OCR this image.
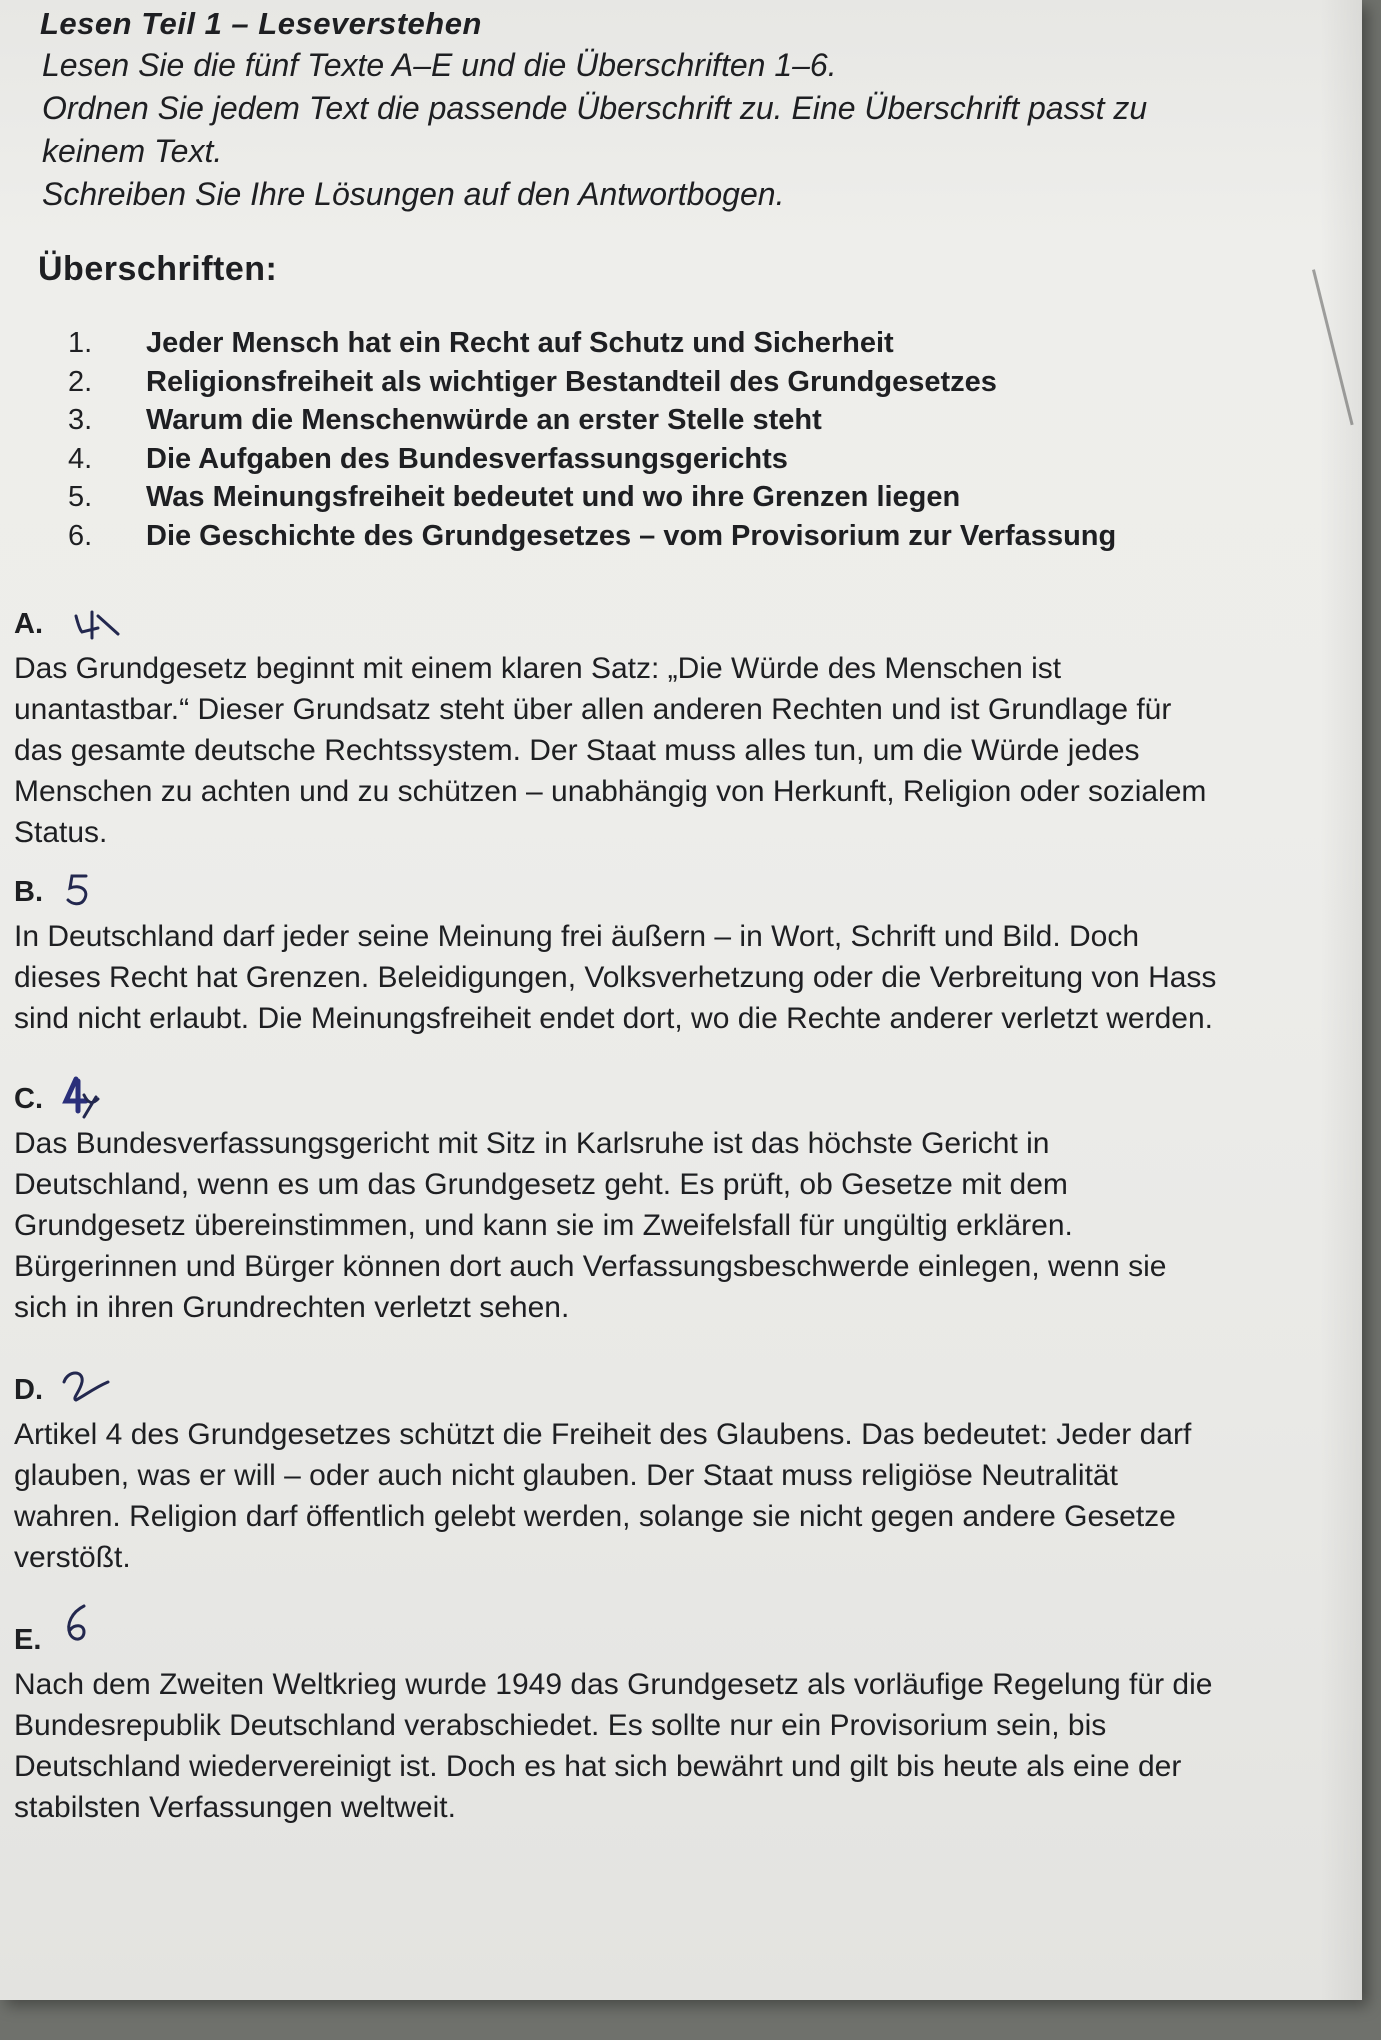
Lesen Teil 1 – Leseverstehen
Lesen Sie die fünf Texte A–E und die Überschriften 1–6.
Ordnen Sie jedem Text die passende Überschrift zu. Eine Überschrift passt zu
keinem Text.
Schreiben Sie Ihre Lösungen auf den Antwortbogen.
Überschriften:
1. Jeder Mensch hat ein Recht auf Schutz und Sicherheit
2. Religionsfreiheit als wichtiger Bestandteil des Grundgesetzes
3. Warum die Menschenwürde an erster Stelle steht
4. Die Aufgaben des Bundesverfassungsgerichts
5. Was Meinungsfreiheit bedeutet und wo ihre Grenzen liegen
6. Die Geschichte des Grundgesetzes – vom Provisorium zur Verfassung
A.
Das Grundgesetz beginnt mit einem klaren Satz: „Die Würde des Menschen ist
unantastbar.“ Dieser Grundsatz steht über allen anderen Rechten und ist Grundlage für
das gesamte deutsche Rechtssystem. Der Staat muss alles tun, um die Würde jedes
Menschen zu achten und zu schützen – unabhängig von Herkunft, Religion oder sozialem
Status.
B.
In Deutschland darf jeder seine Meinung frei äußern – in Wort, Schrift und Bild. Doch
dieses Recht hat Grenzen. Beleidigungen, Volksverhetzung oder die Verbreitung von Hass
sind nicht erlaubt. Die Meinungsfreiheit endet dort, wo die Rechte anderer verletzt werden.
C.
Das Bundesverfassungsgericht mit Sitz in Karlsruhe ist das höchste Gericht in
Deutschland, wenn es um das Grundgesetz geht. Es prüft, ob Gesetze mit dem
Grundgesetz übereinstimmen, und kann sie im Zweifelsfall für ungültig erklären.
Bürgerinnen und Bürger können dort auch Verfassungsbeschwerde einlegen, wenn sie
sich in ihren Grundrechten verletzt sehen.
D.
Artikel 4 des Grundgesetzes schützt die Freiheit des Glaubens. Das bedeutet: Jeder darf
glauben, was er will – oder auch nicht glauben. Der Staat muss religiöse Neutralität
wahren. Religion darf öffentlich gelebt werden, solange sie nicht gegen andere Gesetze
verstößt.
E.
Nach dem Zweiten Weltkrieg wurde 1949 das Grundgesetz als vorläufige Regelung für die
Bundesrepublik Deutschland verabschiedet. Es sollte nur ein Provisorium sein, bis
Deutschland wiedervereinigt ist. Doch es hat sich bewährt und gilt bis heute als eine der
stabilsten Verfassungen weltweit.
